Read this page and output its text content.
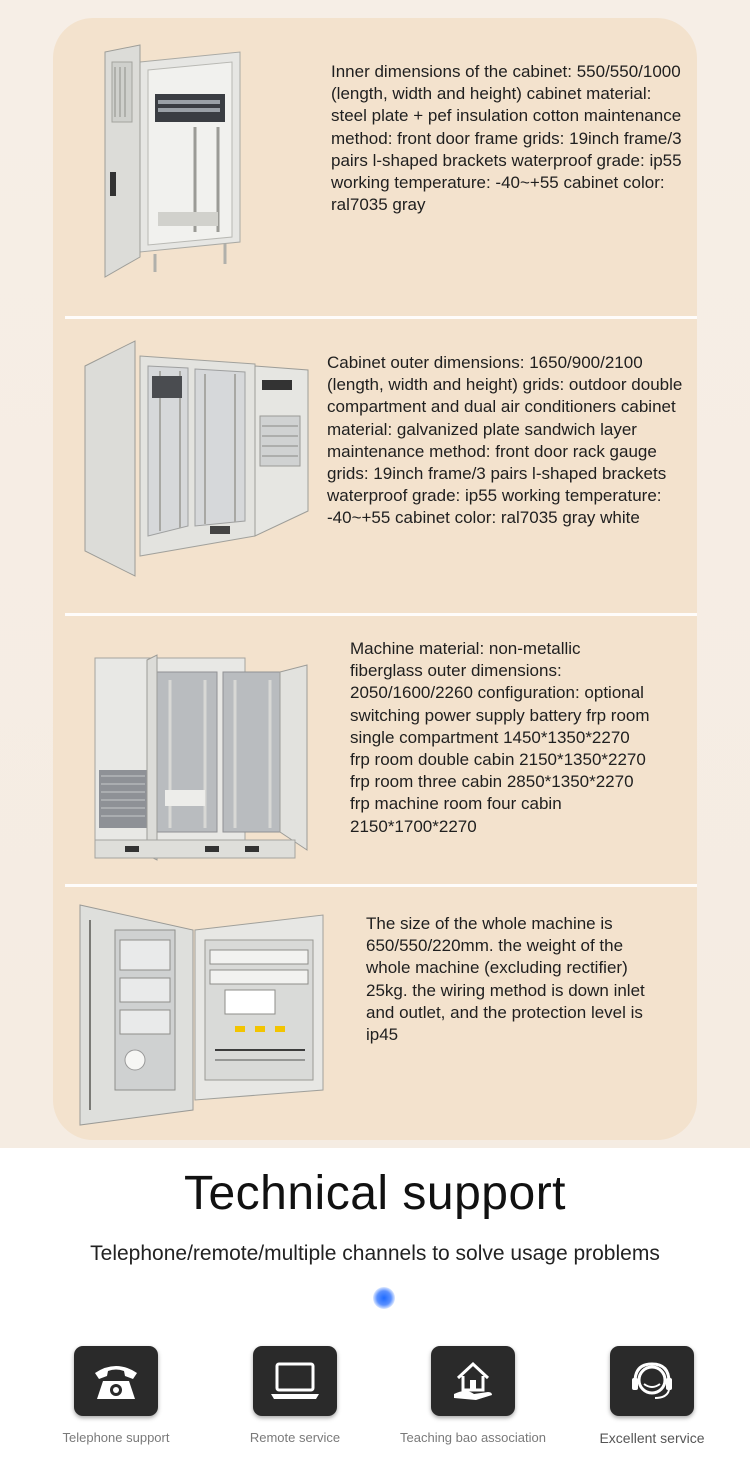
Inner dimensions of the cabinet: 550/550/1000 (length, width and height) cabinet material: steel plate + pef insulation cotton maintenance method: front door frame grids: 19inch frame/3 pairs l-shaped brackets waterproof grade: ip55 working temperature: -40~+55 cabinet color: ral7035 gray
Cabinet outer dimensions: 1650/900/2100 (length, width and height) grids: outdoor double compartment and dual air conditioners cabinet material: galvanized plate sandwich layer maintenance method: front door rack gauge grids: 19inch frame/3 pairs l-shaped brackets waterproof grade: ip55 working temperature: -40~+55 cabinet color: ral7035 gray white
Machine material: non-metallic fiberglass outer dimensions: 2050/1600/2260 configuration: optional switching power supply battery frp room single compartment 1450*1350*2270 frp room double cabin 2150*1350*2270 frp room three cabin 2850*1350*2270 frp machine room four cabin 2150*1700*2270
The size of the whole machine is 650/550/220mm. the weight of the whole machine (excluding rectifier) 25kg. the wiring method is down inlet and outlet, and the protection level is ip45
Technical support
Telephone/remote/multiple channels to solve usage problems
Telephone support	Remote service	Teaching bao association	Excellent service
